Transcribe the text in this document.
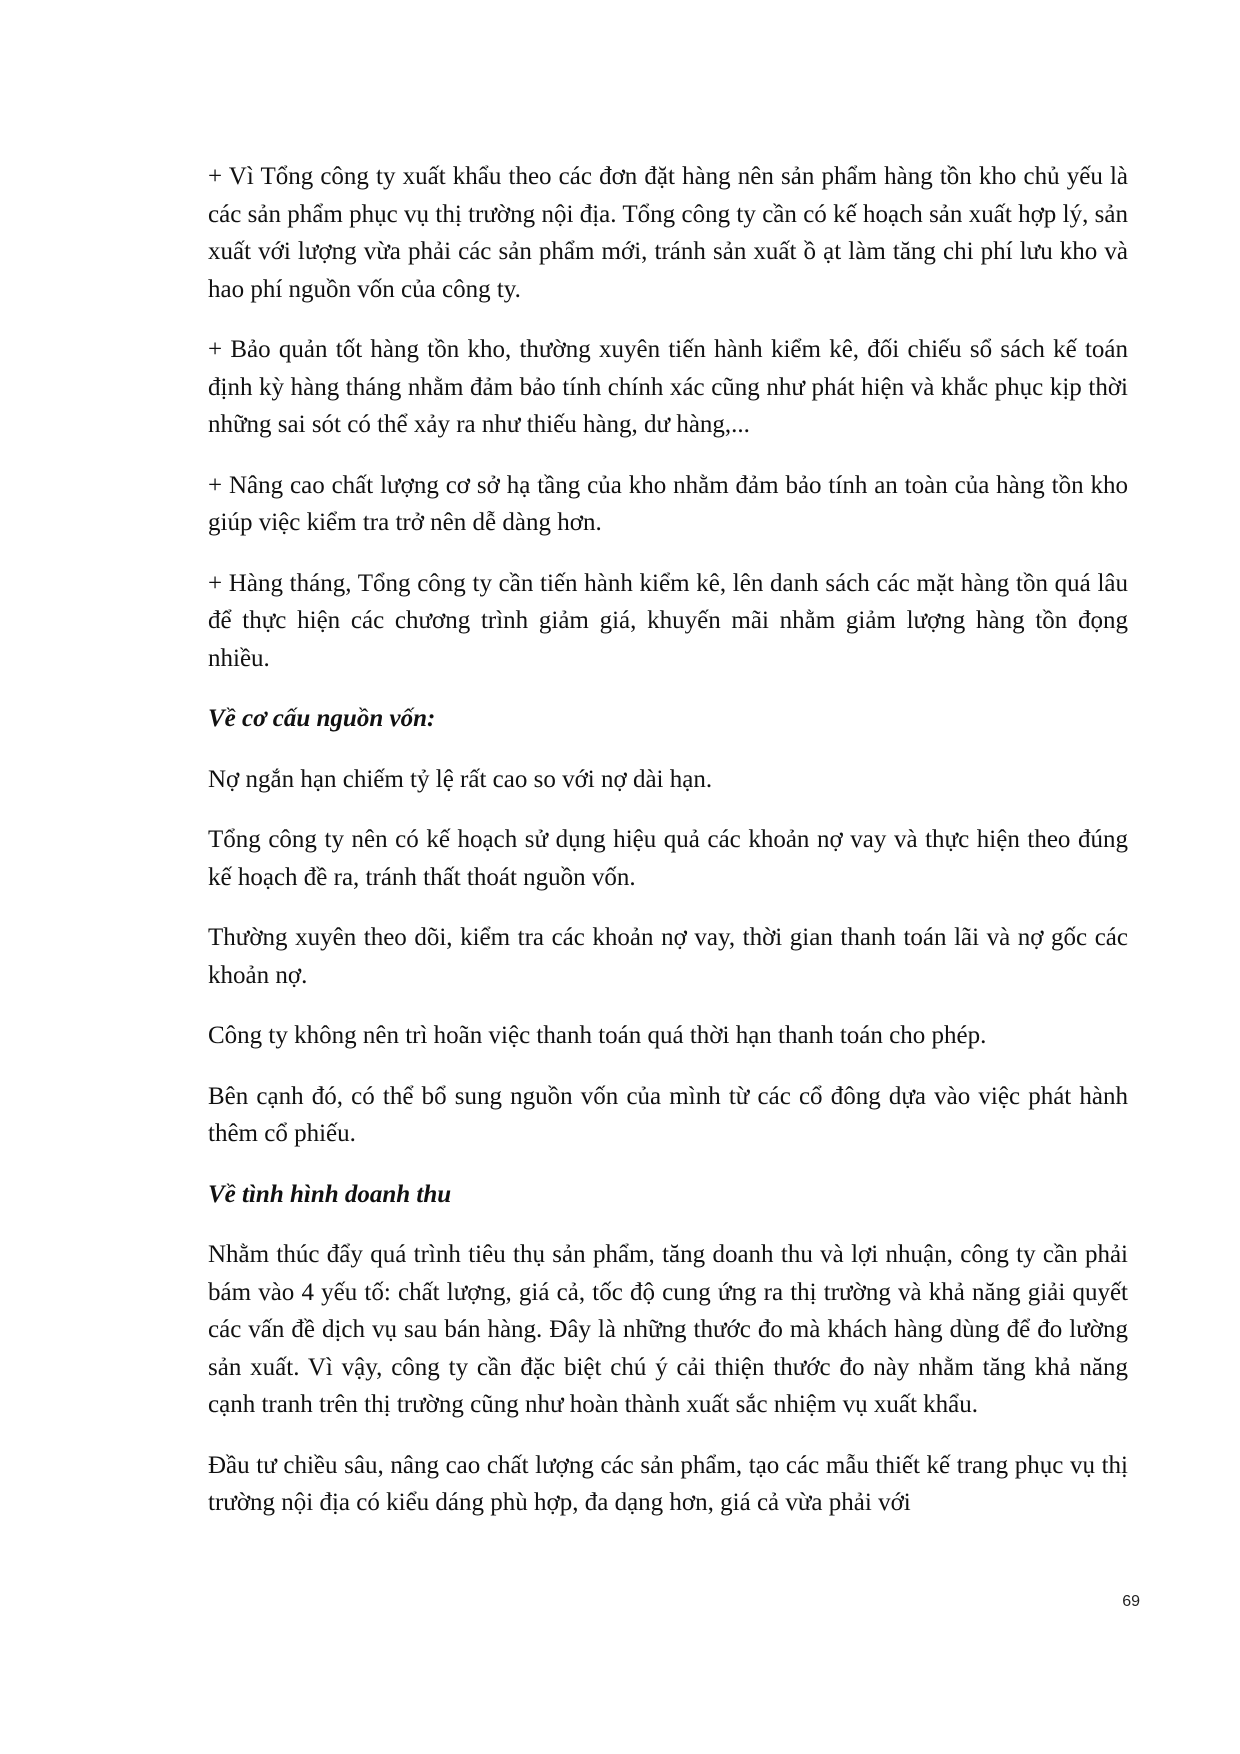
+ Vì Tổng công ty xuất khẩu theo các đơn đặt hàng nên sản phẩm hàng tồn kho chủ yếu là các sản phẩm phục vụ thị trường nội địa. Tổng công ty cần có kế hoạch sản xuất hợp lý, sản xuất với lượng vừa phải các sản phẩm mới, tránh sản xuất ồ ạt làm tăng chi phí lưu kho và hao phí nguồn vốn của công ty.

+ Bảo quản tốt hàng tồn kho, thường xuyên tiến hành kiểm kê, đối chiếu sổ sách kế toán định kỳ hàng tháng nhằm đảm bảo tính chính xác cũng như phát hiện và khắc phục kịp thời những sai sót có thể xảy ra như thiếu hàng, dư hàng,...

+ Nâng cao chất lượng cơ sở hạ tầng của kho nhằm đảm bảo tính an toàn của hàng tồn kho giúp việc kiểm tra trở nên dễ dàng hơn.

+ Hàng tháng, Tổng công ty cần tiến hành kiểm kê, lên danh sách các mặt hàng tồn quá lâu để thực hiện các chương trình giảm giá, khuyến mãi nhằm giảm lượng hàng tồn đọng nhiều.

Về cơ cấu nguồn vốn:

Nợ ngắn hạn chiếm tỷ lệ rất cao so với nợ dài hạn.

Tổng công ty nên có kế hoạch sử dụng hiệu quả các khoản nợ vay và thực hiện theo đúng kế hoạch đề ra, tránh thất thoát nguồn vốn.

Thường xuyên theo dõi, kiểm tra các khoản nợ vay, thời gian thanh toán lãi và nợ gốc các khoản nợ.

Công ty không nên trì hoãn việc thanh toán quá thời hạn thanh toán cho phép.

Bên cạnh đó, có thể bổ sung nguồn vốn của mình từ các cổ đông dựa vào việc phát hành thêm cổ phiếu.

Về tình hình doanh thu

Nhằm thúc đẩy quá trình tiêu thụ sản phẩm, tăng doanh thu và lợi nhuận, công ty cần phải bám vào 4 yếu tố: chất lượng, giá cả, tốc độ cung ứng ra thị trường và khả năng giải quyết các vấn đề dịch vụ sau bán hàng. Đây là những thước đo mà khách hàng dùng để đo lường sản xuất. Vì vậy, công ty cần đặc biệt chú ý cải thiện thước đo này nhằm tăng khả năng cạnh tranh trên thị trường cũng như hoàn thành xuất sắc nhiệm vụ xuất khẩu.

Đầu tư chiều sâu, nâng cao chất lượng các sản phẩm, tạo các mẫu thiết kế trang phục vụ thị trường nội địa có kiểu dáng phù hợp, đa dạng hơn, giá cả vừa phải với

69
